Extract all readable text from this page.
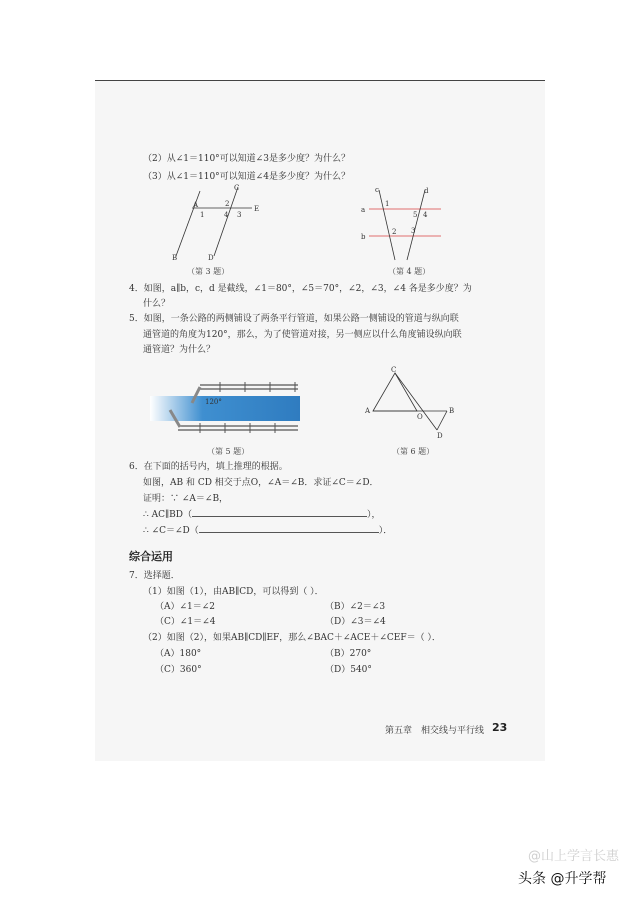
（2）从∠1＝110°可以知道∠3是多少度？为什么？
（3）从∠1＝110°可以知道∠4是多少度？为什么？
A
B
C
D
E
1
2
3
4
（第 3 题）
c	d
a
b
1
5 4
2 3
（第 4 题）
4．如图，a∥b，c，d 是截线，∠1＝80°，∠5＝70°，∠2，∠3，∠4 各是多少度？为
什么？
5．如图，一条公路的两侧铺设了两条平行管道，如果公路一侧铺设的管道与纵向联
通管道的角度为120°，那么，为了使管道对接，另一侧应以什么角度铺设纵向联
通管道？为什么？
120°
（第 5 题）
C
A	B
D
O
（第 6 题）
6．在下面的括号内，填上推理的根据。
如图，AB 和 CD 相交于点O，∠A＝∠B．求证∠C＝∠D．
证明：∵ ∠A＝∠B，
∴ AC∥BD（	），
∴ ∠C＝∠D（	）．
综合运用
7．选择题．
（1）如图（1），由AB∥CD，可以得到（ ）．
（A）∠1＝∠2	（B）∠2＝∠3
（C）∠1＝∠4	（D）∠3＝∠4
（2）如图（2），如果AB∥CD∥EF，那么∠BAC＋∠ACE＋∠CEF＝（ ）．
（A）180°	（B）270°
（C）360°	（D）540°
第五章　相交线与平行线 23
@山上学言长惠
头条 @升学帮
